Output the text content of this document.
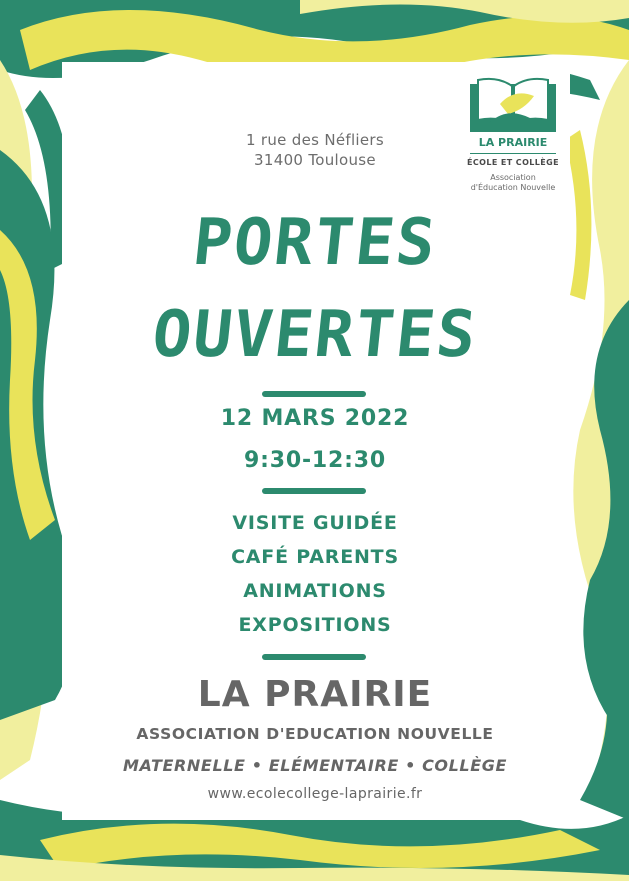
1 rue des Néfliers
31400 Toulouse
LA PRAIRIE
ÉCOLE ET COLLÈGE
Association
d'Éducation Nouvelle
PORTES
OUVERTES
12 MARS 2022
9:30-12:30
VISITE GUIDÉE
CAFÉ PARENTS
ANIMATIONS
EXPOSITIONS
LA PRAIRIE
ASSOCIATION D'EDUCATION NOUVELLE
MATERNELLE • ELÉMENTAIRE • COLLÈGE
www.ecolecollege-laprairie.fr
